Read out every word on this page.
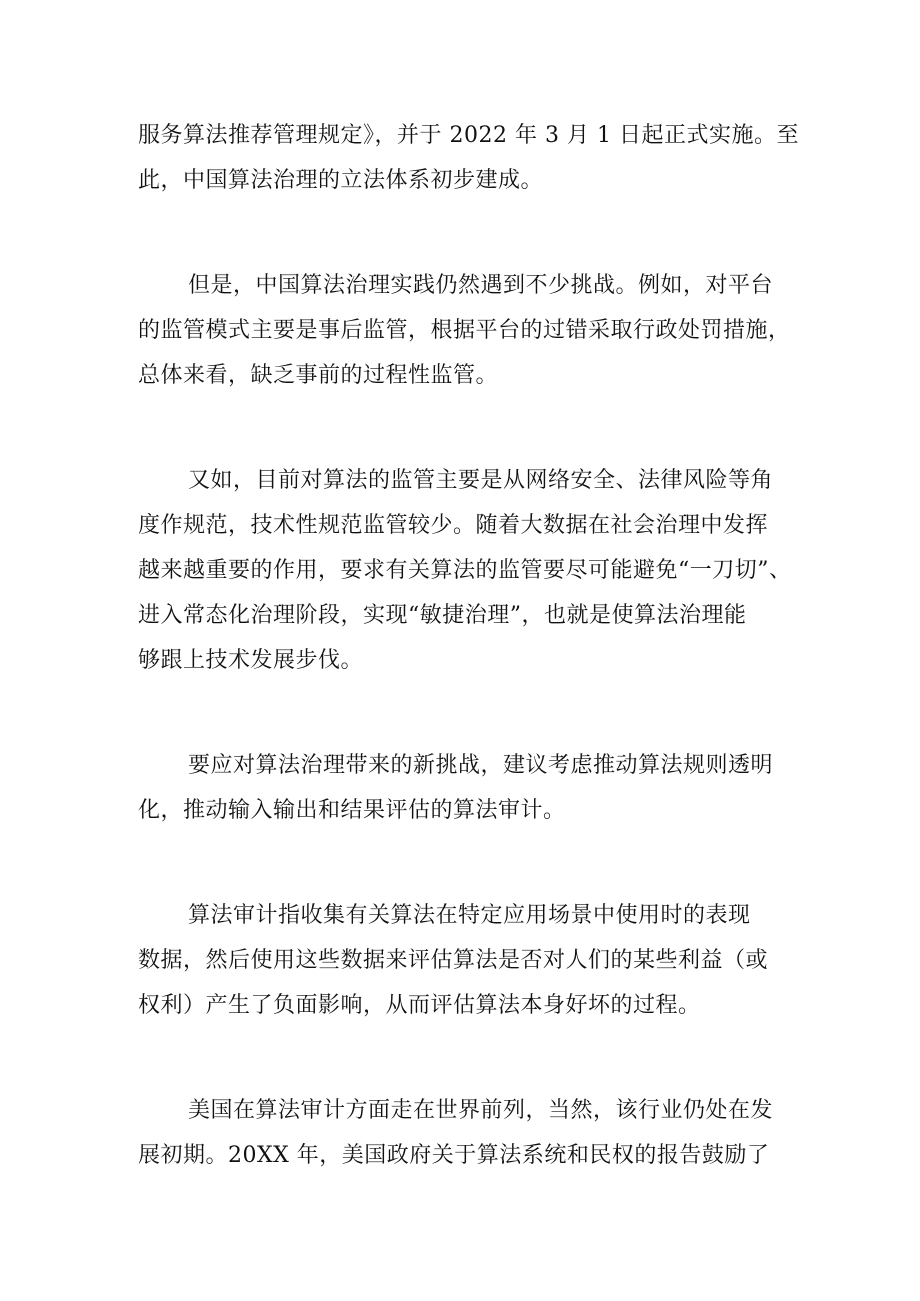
服务算法推荐管理规定》，并于 2022 年 3 月 1 日起正式实施。至
此，中国算法治理的立法体系初步建成。

但是，中国算法治理实践仍然遇到不少挑战。例如，对平台
的监管模式主要是事后监管，根据平台的过错采取行政处罚措施，
总体来看，缺乏事前的过程性监管。

又如，目前对算法的监管主要是从网络安全、法律风险等角
度作规范，技术性规范监管较少。随着大数据在社会治理中发挥
越来越重要的作用，要求有关算法的监管要尽可能避免“一刀切”、
进入常态化治理阶段，实现“敏捷治理”，也就是使算法治理能
够跟上技术发展步伐。

要应对算法治理带来的新挑战，建议考虑推动算法规则透明
化，推动输入输出和结果评估的算法审计。

算法审计指收集有关算法在特定应用场景中使用时的表现
数据，然后使用这些数据来评估算法是否对人们的某些利益（或
权利）产生了负面影响，从而评估算法本身好坏的过程。

美国在算法审计方面走在世界前列，当然，该行业仍处在发
展初期。20XX 年，美国政府关于算法系统和民权的报告鼓励了
